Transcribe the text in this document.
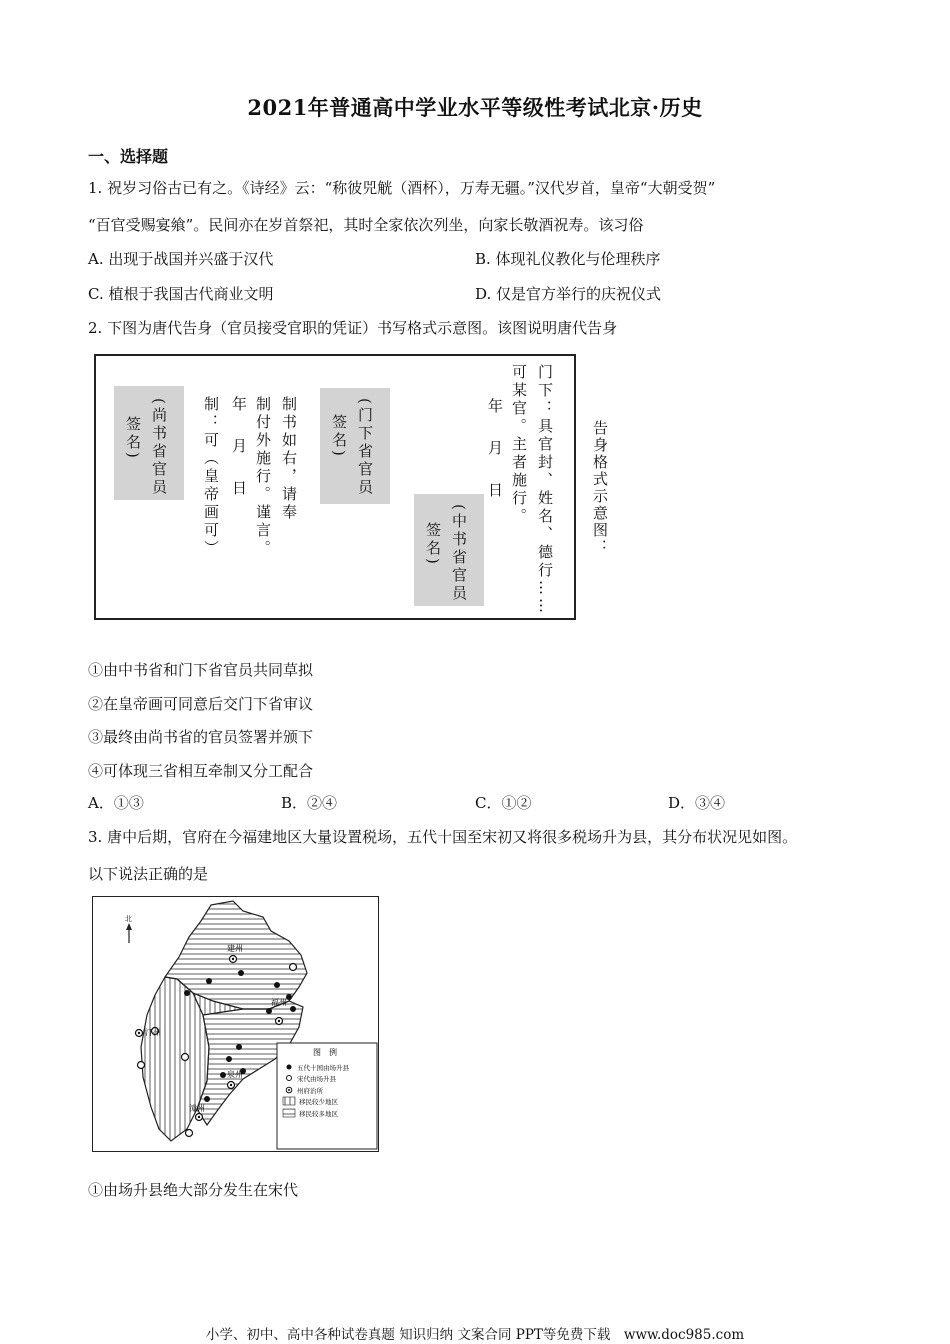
2021年普通高中学业水平等级性考试北京·历史
一、选择题
1. 祝岁习俗古已有之。《诗经》云：“称彼兕觥（酒杯），万寿无疆。”汉代岁首，皇帝“大朝受贺”
“百官受赐宴飨”。民间亦在岁首祭祀，其时全家依次列坐，向家长敬酒祝寿。该习俗
A. 出现于战国并兴盛于汉代	B. 体现礼仪教化与伦理秩序
C. 植根于我国古代商业文明	D. 仅是官方举行的庆祝仪式
2. 下图为唐代告身（官员接受官职的凭证）书写格式示意图。该图说明唐代告身
门下：具官封、姓名、德行……
可某官。主者施行。
年　月　日
(中书省官员
签名)
(门下省官员
签名)
制书如右，请奉
制付外施行。谨言。
年　月　日
制：可（皇帝画可）
(尚书省官员
签名)	告身格式示意图：
①由中书省和门下省官员共同草拟
②在皇帝画可同意后交门下省审议
③最终由尚书省的官员签署并颁下
④可体现三省相互牵制又分工配合
A．①③	B．②④	C．①②	D．③④
3. 唐中后期，官府在今福建地区大量设置税场，五代十国至宋初又将很多税场升为县，其分布状况见如图。
以下说法正确的是
建州
汀州
福州
泉州
漳州
北
图　例
五代十国由场升县
宋代由场升县
州府治所
移民较少地区
移民较多地区
①由场升县绝大部分发生在宋代
小学、初中、高中各种试卷真题 知识归纳 文案合同 PPT等免费下载　www.doc985.com
